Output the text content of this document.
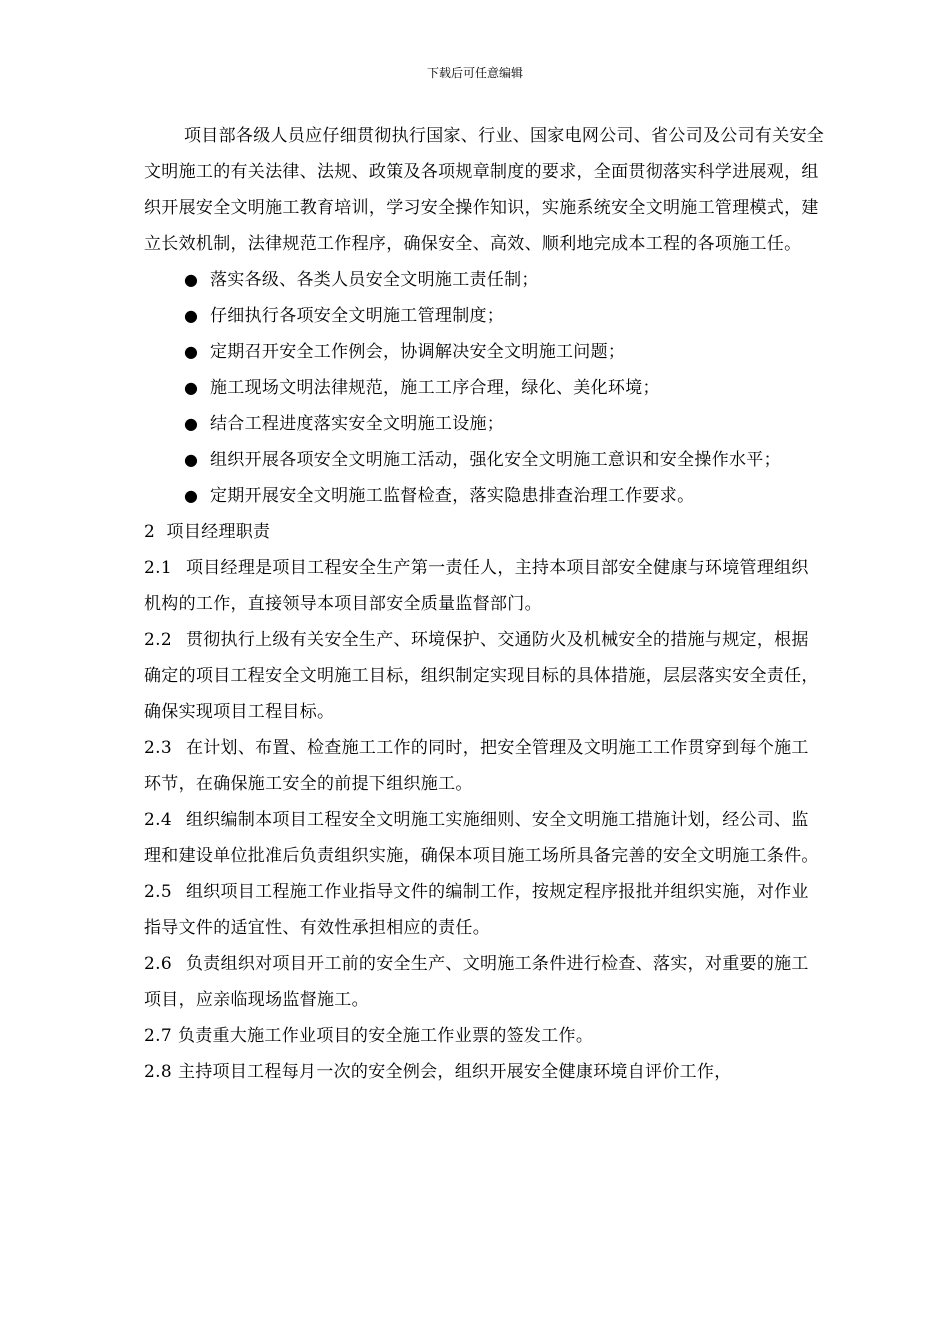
下载后可任意编辑

项目部各级人员应仔细贯彻执行国家、行业、国家电网公司、省公司及公司有关安全文明施工的有关法律、法规、政策及各项规章制度的要求，全面贯彻落实科学进展观，组织开展安全文明施工教育培训，学习安全操作知识，实施系统安全文明施工管理模式，建立长效机制，法律规范工作程序，确保安全、高效、顺利地完成本工程的各项施工任。

● 落实各级、各类人员安全文明施工责任制；

● 仔细执行各项安全文明施工管理制度；

● 定期召开安全工作例会，协调解决安全文明施工问题；

● 施工现场文明法律规范，施工工序合理，绿化、美化环境；

● 结合工程进度落实安全文明施工设施；

● 组织开展各项安全文明施工活动，强化安全文明施工意识和安全操作水平；

● 定期开展安全文明施工监督检查，落实隐患排查治理工作要求。

2 项目经理职责

2.1 项目经理是项目工程安全生产第一责任人，主持本项目部安全健康与环境管理组织机构的工作，直接领导本项目部安全质量监督部门。

2.2 贯彻执行上级有关安全生产、环境保护、交通防火及机械安全的措施与规定，根据确定的项目工程安全文明施工目标，组织制定实现目标的具体措施，层层落实安全责任，确保实现项目工程目标。

2.3 在计划、布置、检查施工工作的同时，把安全管理及文明施工工作贯穿到每个施工环节，在确保施工安全的前提下组织施工。

2.4 组织编制本项目工程安全文明施工实施细则、安全文明施工措施计划，经公司、监理和建设单位批准后负责组织实施，确保本项目施工场所具备完善的安全文明施工条件。

2.5 组织项目工程施工作业指导文件的编制工作，按规定程序报批并组织实施，对作业指导文件的适宜性、有效性承担相应的责任。

2.6 负责组织对项目开工前的安全生产、文明施工条件进行检查、落实，对重要的施工项目，应亲临现场监督施工。

2.7 负责重大施工作业项目的安全施工作业票的签发工作。

2.8 主持项目工程每月一次的安全例会，组织开展安全健康环境自评价工作，
